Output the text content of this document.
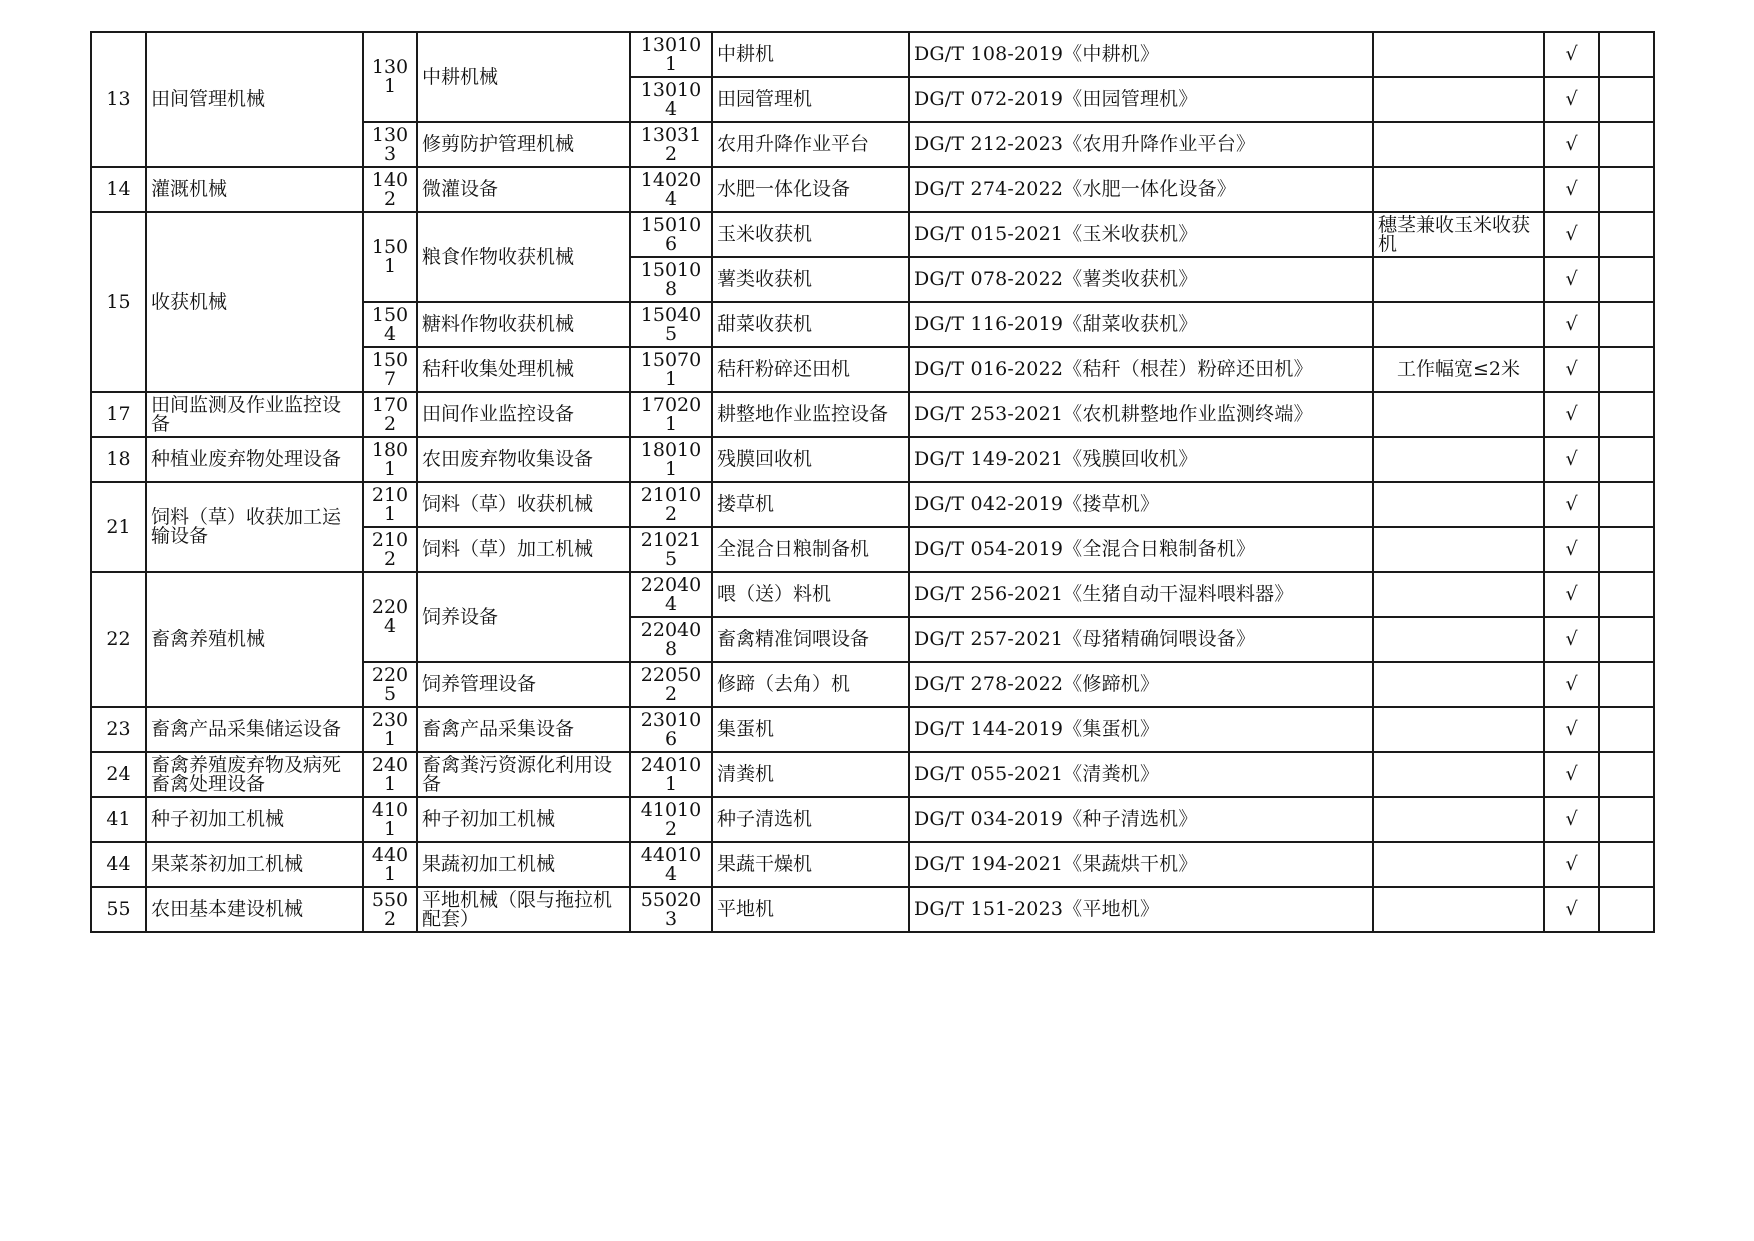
13	田间管理机械	1301	中耕机械	130101	中耕机	DG/T 108-2019《中耕机》		√	
				130104	田园管理机	DG/T 072-2019《田园管理机》		√	
		1303	修剪防护管理机械	130312	农用升降作业平台	DG/T 212-2023《农用升降作业平台》		√	
14	灌溉机械	1402	微灌设备	140204	水肥一体化设备	DG/T 274-2022《水肥一体化设备》		√	
15	收获机械	1501	粮食作物收获机械	150106	玉米收获机	DG/T 015-2021《玉米收获机》	穗茎兼收玉米收获机	√	
				150108	薯类收获机	DG/T 078-2022《薯类收获机》		√	
		1504	糖料作物收获机械	150405	甜菜收获机	DG/T 116-2019《甜菜收获机》		√	
		1507	秸秆收集处理机械	150701	秸秆粉碎还田机	DG/T 016-2022《秸秆（根茬）粉碎还田机》	工作幅宽≤2米	√	
17	田间监测及作业监控设备	1702	田间作业监控设备	170201	耕整地作业监控设备	DG/T 253-2021《农机耕整地作业监测终端》		√	
18	种植业废弃物处理设备	1801	农田废弃物收集设备	180101	残膜回收机	DG/T 149-2021《残膜回收机》		√	
21	饲料（草）收获加工运输设备	2101	饲料（草）收获机械	210102	搂草机	DG/T 042-2019《搂草机》		√	
		2102	饲料（草）加工机械	210215	全混合日粮制备机	DG/T 054-2019《全混合日粮制备机》		√	
22	畜禽养殖机械	2204	饲养设备	220404	喂（送）料机	DG/T 256-2021《生猪自动干湿料喂料器》		√	
				220408	畜禽精准饲喂设备	DG/T 257-2021《母猪精确饲喂设备》		√	
		2205	饲养管理设备	220502	修蹄（去角）机	DG/T 278-2022《修蹄机》		√	
23	畜禽产品采集储运设备	2301	畜禽产品采集设备	230106	集蛋机	DG/T 144-2019《集蛋机》		√	
24	畜禽养殖废弃物及病死畜禽处理设备	2401	畜禽粪污资源化利用设备	240101	清粪机	DG/T 055-2021《清粪机》		√	
41	种子初加工机械	4101	种子初加工机械	410102	种子清选机	DG/T 034-2019《种子清选机》		√	
44	果菜茶初加工机械	4401	果蔬初加工机械	440104	果蔬干燥机	DG/T 194-2021《果蔬烘干机》		√	
55	农田基本建设机械	5502	平地机械（限与拖拉机配套）	550203	平地机	DG/T 151-2023《平地机》		√	
